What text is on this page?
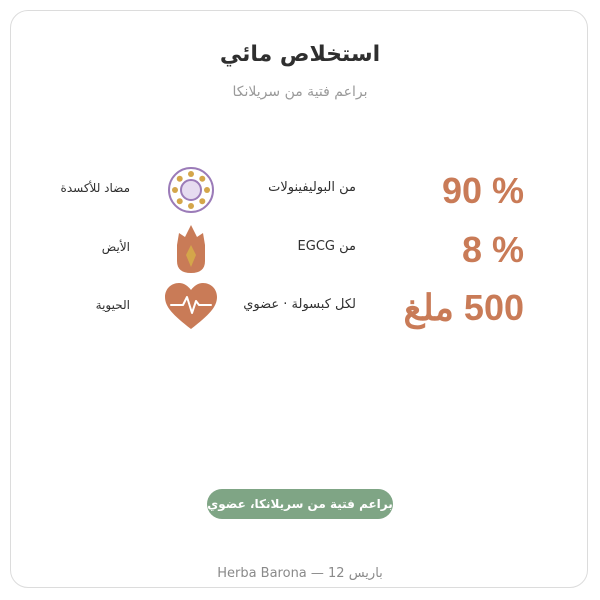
استخلاص مائي
براعم فتية من سريلانكا
% 90
من البوليفينولات
مضاد للأكسدة
% 8
من EGCG
الأيض
500 ملغ
لكل كبسولة · عضوي
الحيوية
براعم فتية من سريلانكا، عضوي
Herba Barona — 12 باريس
